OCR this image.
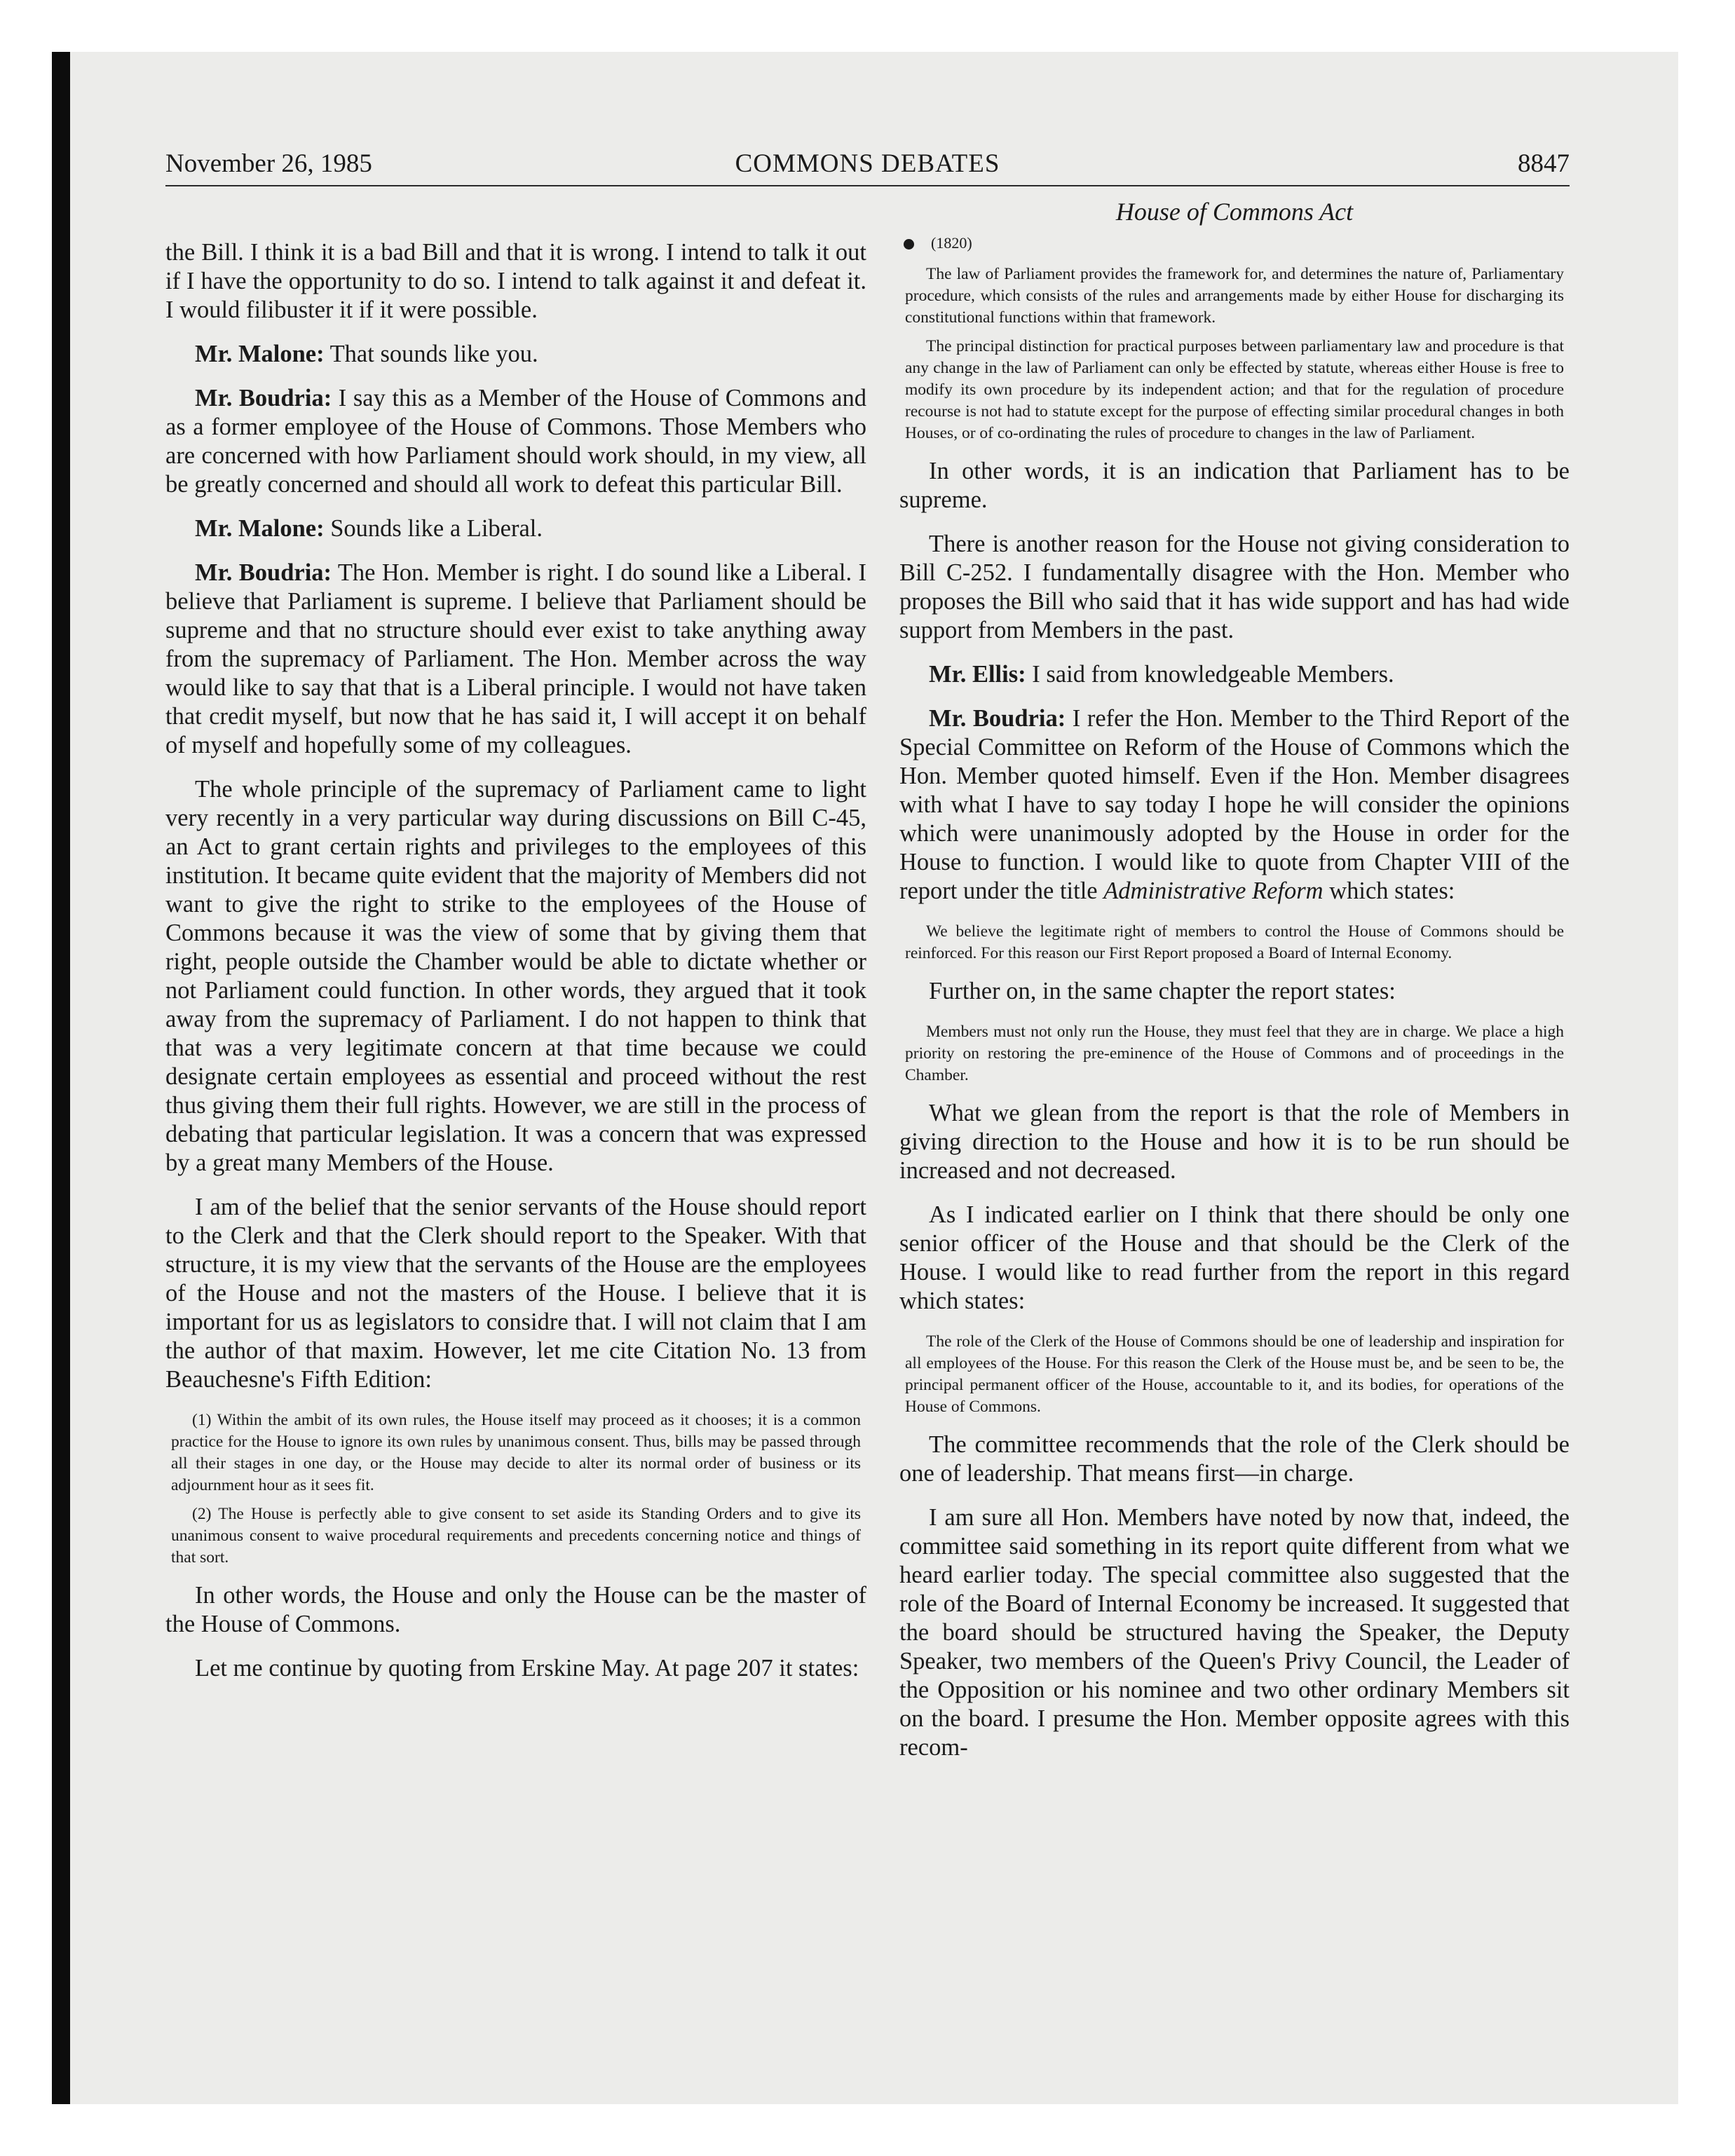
November 26, 1985	COMMONS DEBATES	8847

the Bill. I think it is a bad Bill and that it is wrong. I intend to talk it out if I have the opportunity to do so. I intend to talk against it and defeat it. I would filibuster it if it were possible.

Mr. Malone: That sounds like you.

Mr. Boudria: I say this as a Member of the House of Commons and as a former employee of the House of Commons. Those Members who are concerned with how Parliament should work should, in my view, all be greatly concerned and should all work to defeat this particular Bill.

Mr. Malone: Sounds like a Liberal.

Mr. Boudria: The Hon. Member is right. I do sound like a Liberal. I believe that Parliament is supreme. I believe that Parliament should be supreme and that no structure should ever exist to take anything away from the supremacy of Parliament. The Hon. Member across the way would like to say that that is a Liberal principle. I would not have taken that credit myself, but now that he has said it, I will accept it on behalf of myself and hopefully some of my colleagues.

The whole principle of the supremacy of Parliament came to light very recently in a very particular way during discussions on Bill C-45, an Act to grant certain rights and privileges to the employees of this institution. It became quite evident that the majority of Members did not want to give the right to strike to the employees of the House of Commons because it was the view of some that by giving them that right, people outside the Chamber would be able to dictate whether or not Parliament could function. In other words, they argued that it took away from the supremacy of Parliament. I do not happen to think that that was a very legitimate concern at that time because we could designate certain employees as essential and proceed without the rest thus giving them their full rights. However, we are still in the process of debating that particular legislation. It was a concern that was expressed by a great many Members of the House.

I am of the belief that the senior servants of the House should report to the Clerk and that the Clerk should report to the Speaker. With that structure, it is my view that the servants of the House are the employees of the House and not the masters of the House. I believe that it is important for us as legislators to considre that. I will not claim that I am the author of that maxim. However, let me cite Citation No. 13 from Beauchesne's Fifth Edition:

(1) Within the ambit of its own rules, the House itself may proceed as it chooses; it is a common practice for the House to ignore its own rules by unanimous consent. Thus, bills may be passed through all their stages in one day, or the House may decide to alter its normal order of business or its adjournment hour as it sees fit.

(2) The House is perfectly able to give consent to set aside its Standing Orders and to give its unanimous consent to waive procedural requirements and precedents concerning notice and things of that sort.

In other words, the House and only the House can be the master of the House of Commons.

Let me continue by quoting from Erskine May. At page 207 it states:

House of Commons Act
(1820)

The law of Parliament provides the framework for, and determines the nature of, Parliamentary procedure, which consists of the rules and arrangements made by either House for discharging its constitutional functions within that framework.

The principal distinction for practical purposes between parliamentary law and procedure is that any change in the law of Parliament can only be effected by statute, whereas either House is free to modify its own procedure by its independent action; and that for the regulation of procedure recourse is not had to statute except for the purpose of effecting similar procedural changes in both Houses, or of co-ordinating the rules of procedure to changes in the law of Parliament.

In other words, it is an indication that Parliament has to be supreme.

There is another reason for the House not giving consideration to Bill C-252. I fundamentally disagree with the Hon. Member who proposes the Bill who said that it has wide support and has had wide support from Members in the past.

Mr. Ellis: I said from knowledgeable Members.

Mr. Boudria: I refer the Hon. Member to the Third Report of the Special Committee on Reform of the House of Commons which the Hon. Member quoted himself. Even if the Hon. Member disagrees with what I have to say today I hope he will consider the opinions which were unanimously adopted by the House in order for the House to function. I would like to quote from Chapter VIII of the report under the title Administrative Reform which states:

We believe the legitimate right of members to control the House of Commons should be reinforced. For this reason our First Report proposed a Board of Internal Economy.

Further on, in the same chapter the report states:

Members must not only run the House, they must feel that they are in charge. We place a high priority on restoring the pre-eminence of the House of Commons and of proceedings in the Chamber.

What we glean from the report is that the role of Members in giving direction to the House and how it is to be run should be increased and not decreased.

As I indicated earlier on I think that there should be only one senior officer of the House and that should be the Clerk of the House. I would like to read further from the report in this regard which states:

The role of the Clerk of the House of Commons should be one of leadership and inspiration for all employees of the House. For this reason the Clerk of the House must be, and be seen to be, the principal permanent officer of the House, accountable to it, and its bodies, for operations of the House of Commons.

The committee recommends that the role of the Clerk should be one of leadership. That means first—in charge.

I am sure all Hon. Members have noted by now that, indeed, the committee said something in its report quite different from what we heard earlier today. The special committee also suggested that the role of the Board of Internal Economy be increased. It suggested that the board should be structured having the Speaker, the Deputy Speaker, two members of the Queen's Privy Council, the Leader of the Opposition or his nominee and two other ordinary Members sit on the board. I presume the Hon. Member opposite agrees with this recom-
